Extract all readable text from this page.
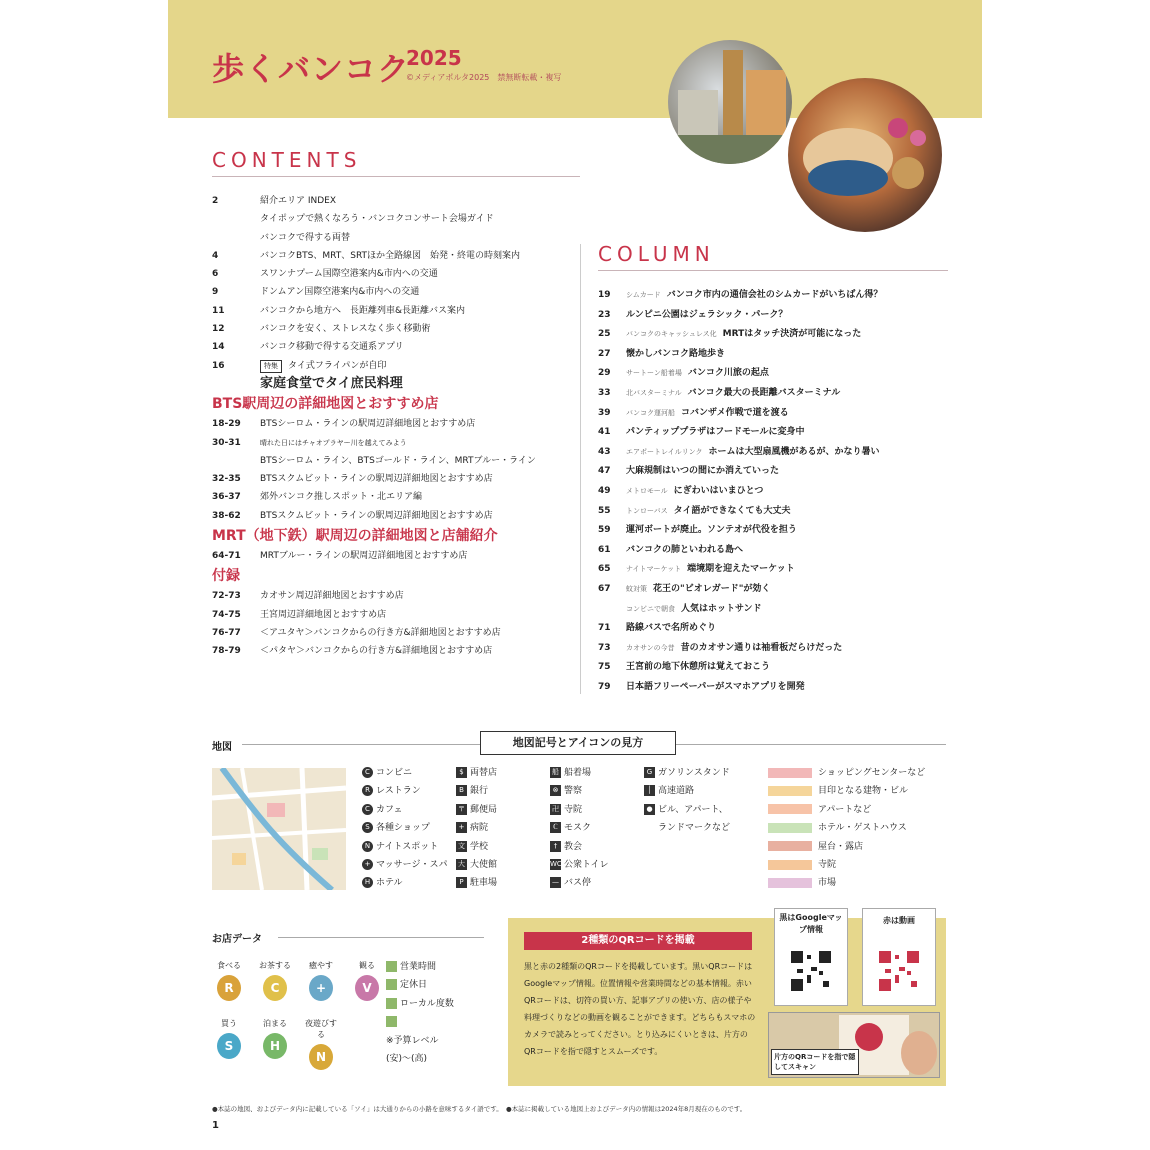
歩くバンコク
2025
©メディアポルタ2025　禁無断転載・複写
CONTENTS
2	紹介エリア INDEX
タイポップで熱くなろう・バンコクコンサート会場ガイド
バンコクで得する両替
4	バンコクBTS、MRT、SRTほか全路線図　始発・終電の時刻案内
6	スワンナプーム国際空港案内&市内への交通
9	ドンムアン国際空港案内&市内への交通
11	バンコクから地方へ　長距離列車&長距離バス案内
12	バンコクを安く、ストレスなく歩く移動術
14	バンコク移動で得する交通系アプリ
16	特集 タイ式フライパンが自印
家庭食堂でタイ庶民料理
BTS駅周辺の詳細地図とおすすめ店
18-29	BTSシーロム・ラインの駅周辺詳細地図とおすすめ店
30-31	晴れた日にはチャオプラヤー川を越えてみよう
BTSシーロム・ライン、BTSゴールド・ライン、MRTブルー・ライン
32-35	BTSスクムビット・ラインの駅周辺詳細地図とおすすめ店
36-37	郊外バンコク推しスポット・北エリア編
38-62	BTSスクムビット・ラインの駅周辺詳細地図とおすすめ店
MRT（地下鉄）駅周辺の詳細地図と店舗紹介
64-71	MRTブルー・ラインの駅周辺詳細地図とおすすめ店
付録
72-73	カオサン周辺詳細地図とおすすめ店
74-75	王宮周辺詳細地図とおすすめ店
76-77	＜アユタヤ＞バンコクからの行き方&詳細地図とおすすめ店
78-79	＜パタヤ＞バンコクからの行き方&詳細地図とおすすめ店
COLUMN
19	シムカード バンコク市内の通信会社のシムカードがいちばん得？
23	ルンピニ公園はジェラシック・パーク？
25	バンコクのキャッシュレス化 MRTはタッチ決済が可能になった
27	懐かしバンコク路地歩き
29	サートーン船着場 バンコク川旅の起点
33	北バスターミナル バンコク最大の長距離バスターミナル
39	バンコク運河船 コバンザメ作戦で道を渡る
41	パンティッププラザはフードモールに変身中
43	エアポートレイルリンク ホームは大型扇風機があるが、かなり暑い
47	大麻規制はいつの間にか消えていった
49	メトロモール にぎわいはいまひとつ
55	トンローバス タイ語ができなくても大丈夫
59	運河ボートが廃止。ソンテオが代役を担う
61	バンコクの肺といわれる島へ
65	ナイトマーケット 端境期を迎えたマーケット
67	蚊対策 花王の"ビオレガード"が効く
コンビニで朝食 人気はホットサンド
71	路線バスで名所めぐり
73	カオサンの今昔 昔のカオサン通りは袖看板だらけだった
75	王宮前の地下休憩所は覚えておこう
79	日本語フリーペーパーがスマホアプリを開発
地図	地図記号とアイコンの見方
C コンビニ
R レストラン
C カフェ
S 各種ショップ
N ナイトスポット
+ マッサージ・スパ
H ホテル
$ 両替店
B 銀行
〒 郵便局
+ 病院
文 学校
大 大使館
P 駐車場
船 船着場
⊗ 警察
卍 寺院
ℂ モスク
† 教会
WC 公衆トイレ
— バス停
G ガソリンスタンド
│ 高速道路
● ビル、アパート、
ランドマークなど
ショッピングセンターなど
目印となる建物・ビル
アパートなど
ホテル・ゲストハウス
屋台・露店
寺院
市場
お店データ
食べる
R
お茶する
C
癒やす
+
観る
V
買う
S
泊まる
H
夜遊びする
N
営業時間
定休日
ローカル度数
※予算レベル
(安)〜(高)
2種類のQRコードを掲載
黒と赤の2種類のQRコードを掲載しています。黒いQRコードはGoogleマップ情報。位置情報や営業時間などの基本情報。赤いQRコードは、切符の買い方、記事アプリの使い方、店の様子や料理づくりなどの動画を観ることができます。どちらもスマホのカメラで読みとってください。とり込みにくいときは、片方のQRコードを指で隠すとスムーズです。
黒はGoogleマップ情報
赤は動画
片方のQRコードを指で隠してスキャン
●本誌の地図、およびデータ内に記載している「ソイ」は大通りからの小路を意味するタイ語です。　●本誌に掲載している地図上およびデータ内の情報は2024年8月現在のものです。
1
